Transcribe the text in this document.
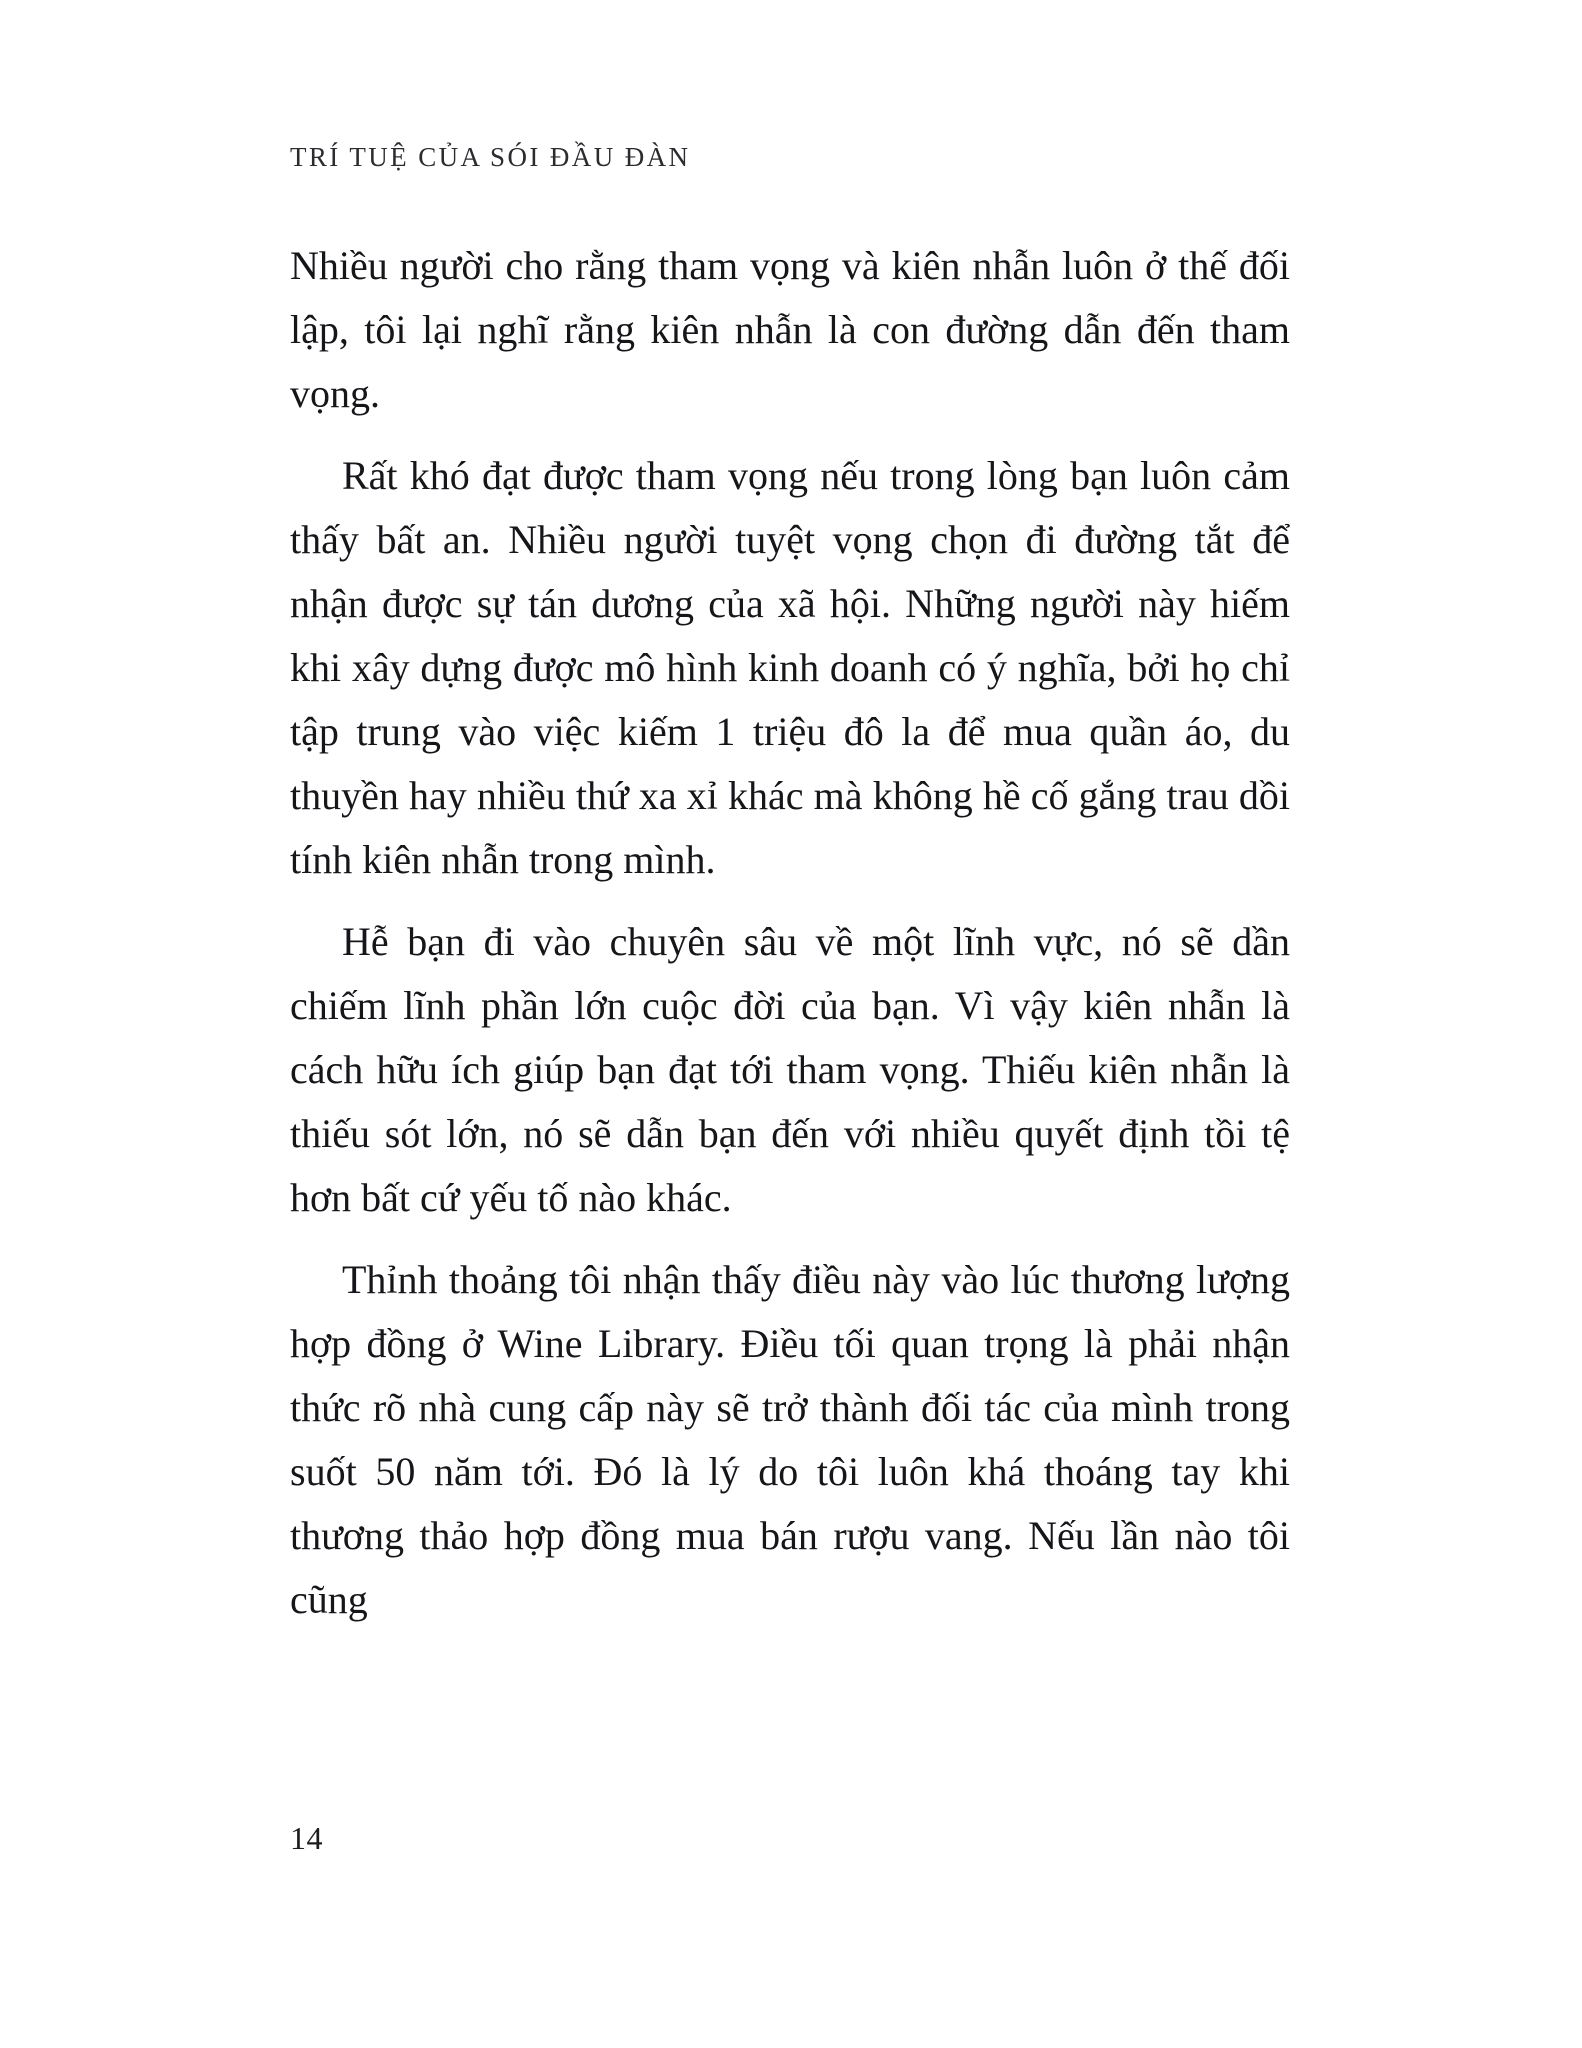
TRÍ TUỆ CỦA SÓI ĐẦU ĐÀN

Nhiều người cho rằng tham vọng và kiên nhẫn luôn ở thế đối lập, tôi lại nghĩ rằng kiên nhẫn là con đường dẫn đến tham vọng.

Rất khó đạt được tham vọng nếu trong lòng bạn luôn cảm thấy bất an. Nhiều người tuyệt vọng chọn đi đường tắt để nhận được sự tán dương của xã hội. Những người này hiếm khi xây dựng được mô hình kinh doanh có ý nghĩa, bởi họ chỉ tập trung vào việc kiếm 1 triệu đô la để mua quần áo, du thuyền hay nhiều thứ xa xỉ khác mà không hề cố gắng trau dồi tính kiên nhẫn trong mình.

Hễ bạn đi vào chuyên sâu về một lĩnh vực, nó sẽ dần chiếm lĩnh phần lớn cuộc đời của bạn. Vì vậy kiên nhẫn là cách hữu ích giúp bạn đạt tới tham vọng. Thiếu kiên nhẫn là thiếu sót lớn, nó sẽ dẫn bạn đến với nhiều quyết định tồi tệ hơn bất cứ yếu tố nào khác.

Thỉnh thoảng tôi nhận thấy điều này vào lúc thương lượng hợp đồng ở Wine Library. Điều tối quan trọng là phải nhận thức rõ nhà cung cấp này sẽ trở thành đối tác của mình trong suốt 50 năm tới. Đó là lý do tôi luôn khá thoáng tay khi thương thảo hợp đồng mua bán rượu vang. Nếu lần nào tôi cũng

14
